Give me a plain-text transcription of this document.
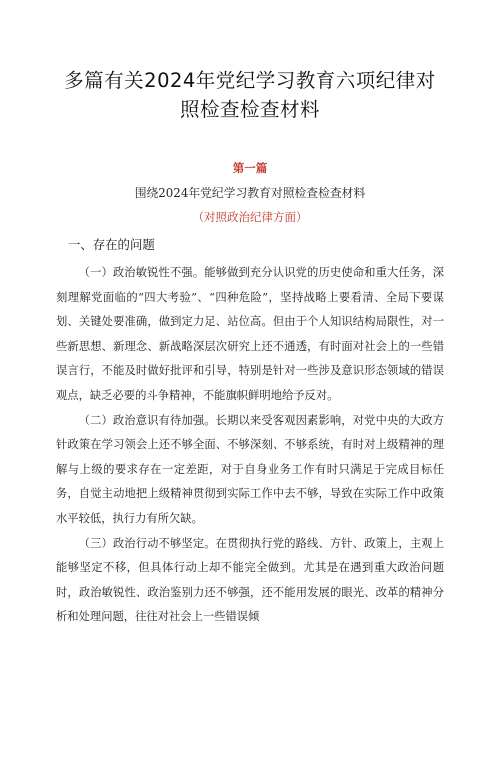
多篇有关2024年党纪学习教育六项纪律对
照检查检查材料
第一篇
围绕2024年党纪学习教育对照检查检查材料
（对照政治纪律方面）
一、存在的问题

（一）政治敏锐性不强。能够做到充分认识党的历史使命和重大任务，深刻理解党面临的“四大考验”、“四种危险”，坚持战略上要看清、全局下要谋划、关键处要准确，做到定力足、站位高。但由于个人知识结构局限性，对一些新思想、新理念、新战略深层次研究上还不通透，有时面对社会上的一些错误言行，不能及时做好批评和引导，特别是针对一些涉及意识形态领域的错误观点，缺乏必要的斗争精神，不能旗帜鲜明地给予反对。

（二）政治意识有待加强。长期以来受客观因素影响，对党中央的大政方针政策在学习领会上还不够全面、不够深刻、不够系统，有时对上级精神的理解与上级的要求存在一定差距，对于自身业务工作有时只满足于完成目标任务，自觉主动地把上级精神贯彻到实际工作中去不够，导致在实际工作中政策水平较低，执行力有所欠缺。

（三）政治行动不够坚定。在贯彻执行党的路线、方针、政策上，主观上能够坚定不移，但具体行动上却不能完全做到。尤其是在遇到重大政治问题时，政治敏锐性、政治鉴别力还不够强，还不能用发展的眼光、改革的精神分析和处理问题，往往对社会上一些错误倾
